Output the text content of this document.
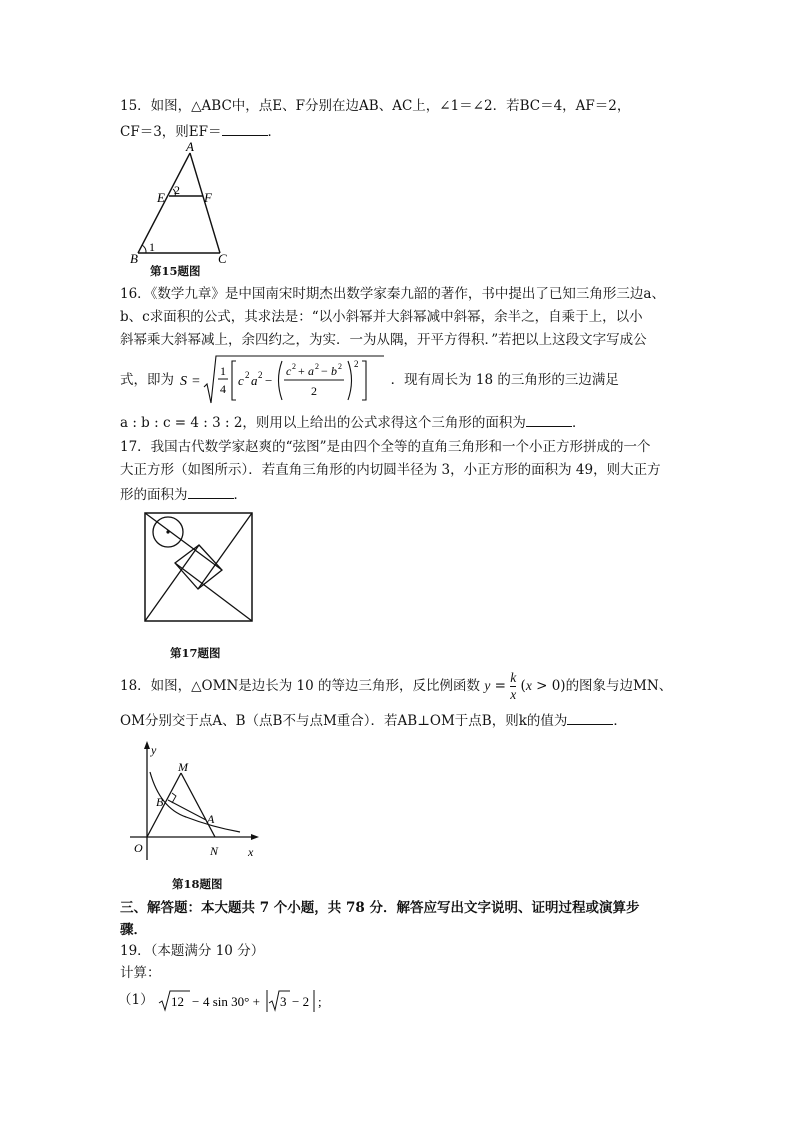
15．如图，△ABC中，点E、F分别在边AB、AC上，∠1＝∠2．若BC＝4，AF＝2，
CF＝3，则EF＝	．
A
E	F
2
1
B	C
第15题图
16．《数学九章》是中国南宋时期杰出数学家秦九韶的著作，书中提出了已知三角形三边a、
b、c求面积的公式，其求法是：“以小斜幂并大斜幂减中斜幂，余半之，自乘于上，以小
斜幂乘大斜幂减上，余四约之，为实．一为从隅，开平方得积．”若把以上这段文字写成公
式，即为 S =
1
4
c 2 a 2 −
c 2 + a 2 − b 2
2
2
．现有周长为 18 的三角形的三边满足
a : b : c = 4 : 3 : 2，则用以上给出的公式求得这个三角形的面积为	．
17．我国古代数学家赵爽的“弦图”是由四个全等的直角三角形和一个小正方形拼成的一个
大正方形（如图所示）．若直角三角形的内切圆半径为 3，小正方形的面积为 49，则大正方
形的面积为	．
第17题图
18．如图，△OMN是边长为 10 的等边三角形，反比例函数 $y = \frac{k}{x} (x > 0)$的图象与边MN、
OM分别交于点A、B（点B不与点M重合）．若AB⊥OM于点B，则k的值为	．
y
x
O
M
B
A
N
第18题图
三、解答题：本大题共 7 个小题，共 78 分．解答应写出文字说明、证明过程或演算步
骤．
19．（本题满分 10 分）
计算：
（1） 12 − 4 sin 30° + 3 − 2 ;
